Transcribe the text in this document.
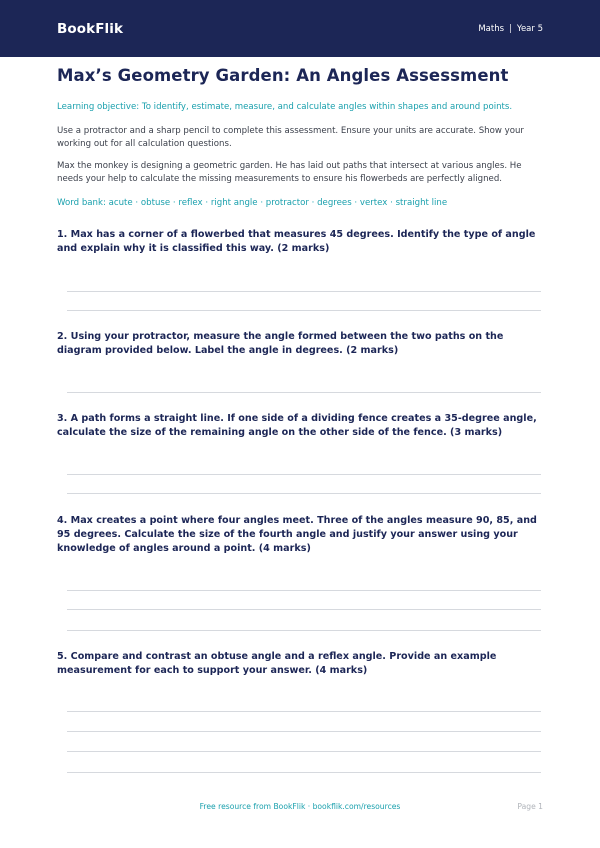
BookFlik	Maths | Year 5
Max’s Geometry Garden: An Angles Assessment

Learning objective: To identify, estimate, measure, and calculate angles within shapes and around points.

Use a protractor and a sharp pencil to complete this assessment. Ensure your units are accurate. Show your working out for all calculation questions.

Max the monkey is designing a geometric garden. He has laid out paths that intersect at various angles. He needs your help to calculate the missing measurements to ensure his flowerbeds are perfectly aligned.

Word bank: acute · obtuse · reflex · right angle · protractor · degrees · vertex · straight line

1. Max has a corner of a flowerbed that measures 45 degrees. Identify the type of angle and explain why it is classified this way. (2 marks)

2. Using your protractor, measure the angle formed between the two paths on the diagram provided below. Label the angle in degrees. (2 marks)

3. A path forms a straight line. If one side of a dividing fence creates a 35-degree angle, calculate the size of the remaining angle on the other side of the fence. (3 marks)

4. Max creates a point where four angles meet. Three of the angles measure 90, 85, and 95 degrees. Calculate the size of the fourth angle and justify your answer using your knowledge of angles around a point. (4 marks)

5. Compare and contrast an obtuse angle and a reflex angle. Provide an example measurement for each to support your answer. (4 marks)

Free resource from BookFlik · bookflik.com/resources	Page 1
